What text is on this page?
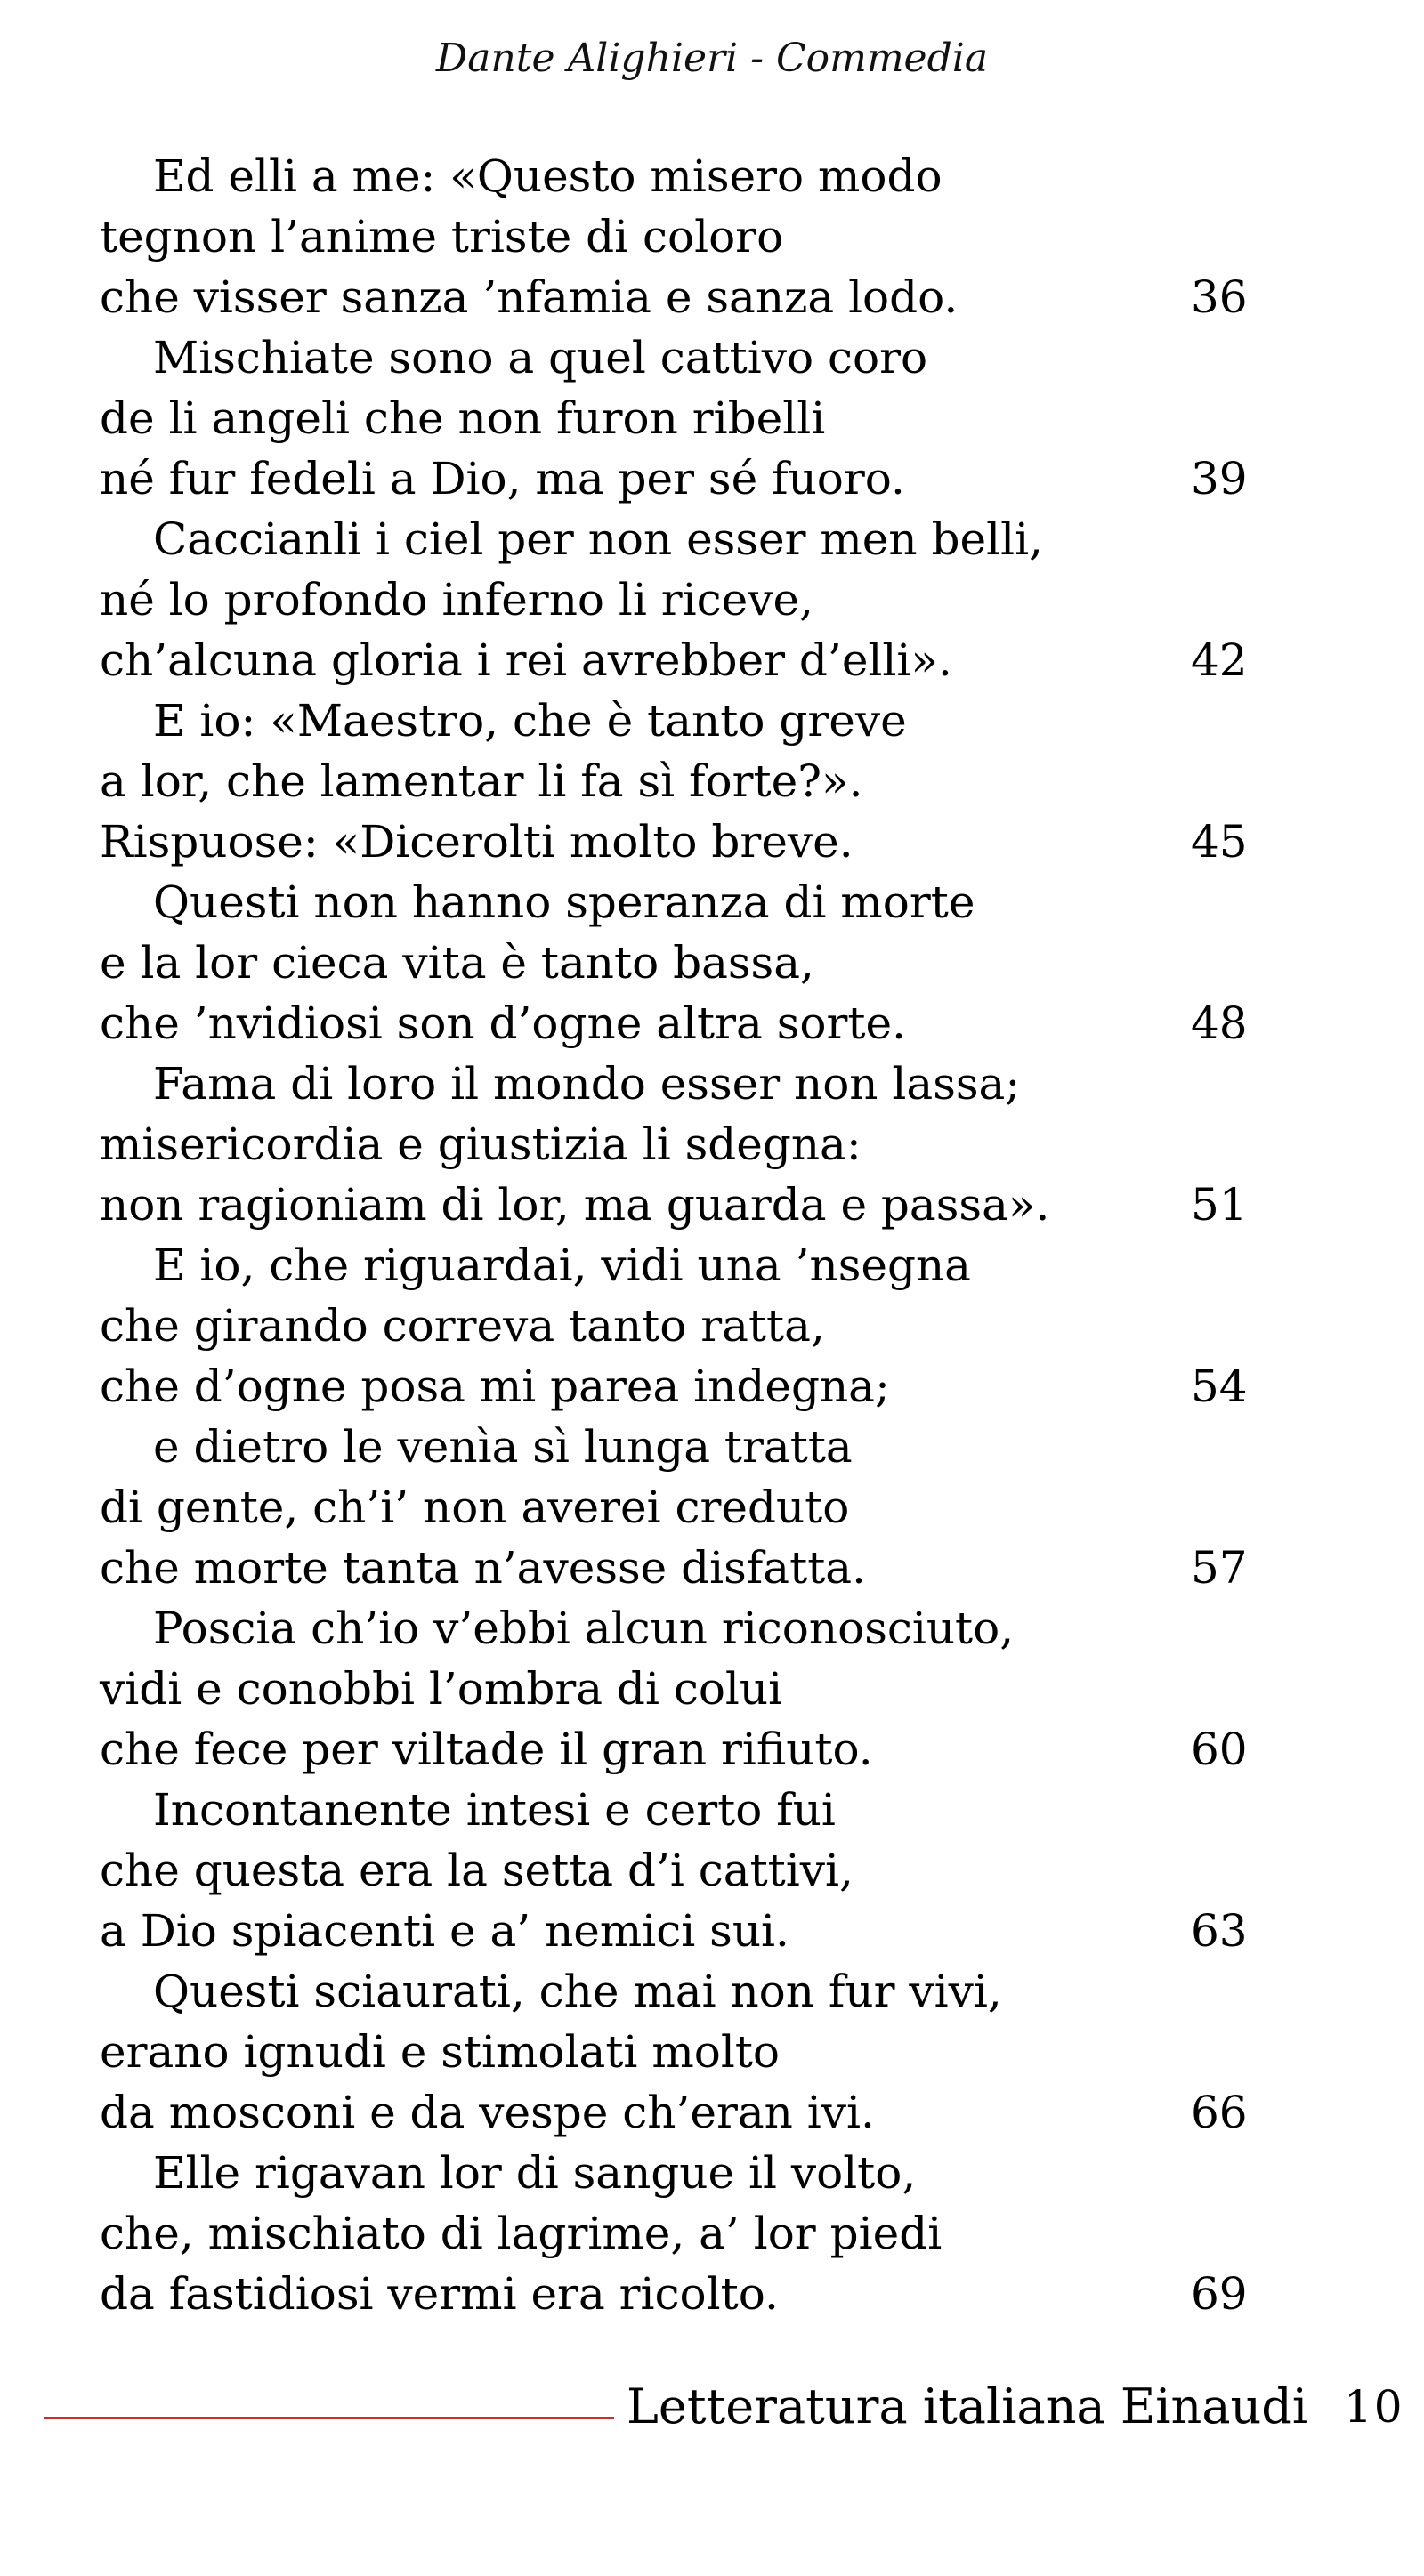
Dante Alighieri - Commedia
Ed elli a me: «Questo misero modo
tegnon l’anime triste di coloro
che visser sanza ’nfamia e sanza lodo.	36
Mischiate sono a quel cattivo coro
de li angeli che non furon ribelli
né fur fedeli a Dio, ma per sé fuoro.	39
Caccianli i ciel per non esser men belli,
né lo profondo inferno li riceve,
ch’alcuna gloria i rei avrebber d’elli».	42
E io: «Maestro, che è tanto greve
a lor, che lamentar li fa sì forte?».
Rispuose: «Dicerolti molto breve.	45
Questi non hanno speranza di morte
e la lor cieca vita è tanto bassa,
che ’nvidiosi son d’ogne altra sorte.	48
Fama di loro il mondo esser non lassa;
misericordia e giustizia li sdegna:
non ragioniam di lor, ma guarda e passa».	51
E io, che riguardai, vidi una ’nsegna
che girando correva tanto ratta,
che d’ogne posa mi parea indegna;	54
e dietro le venìa sì lunga tratta
di gente, ch’i’ non averei creduto
che morte tanta n’avesse disfatta.	57
Poscia ch’io v’ebbi alcun riconosciuto,
vidi e conobbi l’ombra di colui
che fece per viltade il gran rifiuto.	60
Incontanente intesi e certo fui
che questa era la setta d’i cattivi,
a Dio spiacenti e a’ nemici sui.	63
Questi sciaurati, che mai non fur vivi,
erano ignudi e stimolati molto
da mosconi e da vespe ch’eran ivi.	66
Elle rigavan lor di sangue il volto,
che, mischiato di lagrime, a’ lor piedi
da fastidiosi vermi era ricolto.	69
Letteratura italiana Einaudi 10
